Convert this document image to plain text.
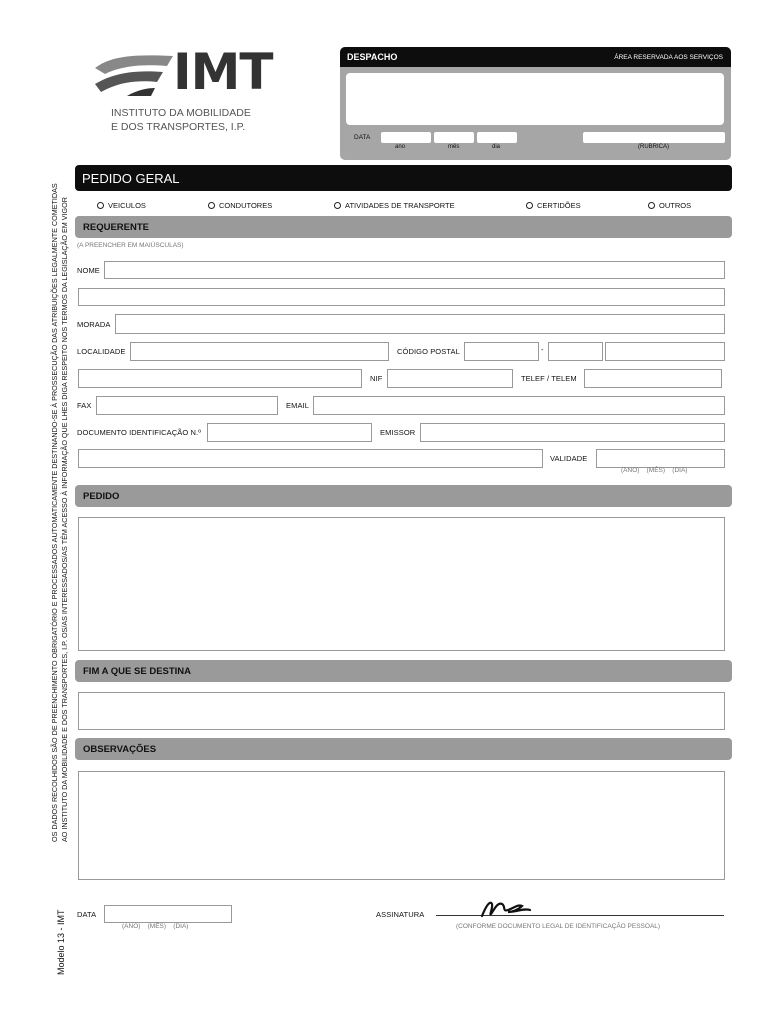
IMT
INSTITUTO DA MOBILIDADE
E DOS TRANSPORTES, I.P.
DESPACHO	ÁREA RESERVADA AOS SERVIÇOS
DATA
ano	mês	dia	(RUBRICA)
OS DADOS RECOLHIDOS SÃO DE PREENCHIMENTO OBRIGATÓRIO E PROCESSADOS AUTOMATICAMENTE DESTINANDO-SE À PROSSECUÇÃO DAS ATRIBUIÇÕES LEGALMENTE COMETIDAS AO INSTITUTO DA MOBILIDADE E DOS TRANSPORTES, I.P. OS/AS INTERESSADOS/AS TÊM ACESSO À INFORMAÇÃO QUE LHES DIGA RESPEITO NOS TERMOS DA LEGISLAÇÃO EM VIGOR
Modelo 13 - IMT
PEDIDO GERAL
VEICULOS	CONDUTORES	ATIVIDADES DE TRANSPORTE	CERTIDÕES	OUTROS
REQUERENTE
(A PREENCHER EM MAIÚSCULAS)
NOME
MORADA
LOCALIDADE	CÓDIGO POSTAL	-
NIF	TELEF / TELEM
FAX	EMAIL
DOCUMENTO IDENTIFICAÇÃO N.º	EMISSOR
VALIDADE
(ANO)    (MÊS)    (DIA)
PEDIDO
FIM A QUE SE DESTINA
OBSERVAÇÕES
DATA
(ANO)    (MÊS)    (DIA)
ASSINATURA
(CONFORME DOCUMENTO LEGAL DE IDENTIFICAÇÃO PESSOAL)
